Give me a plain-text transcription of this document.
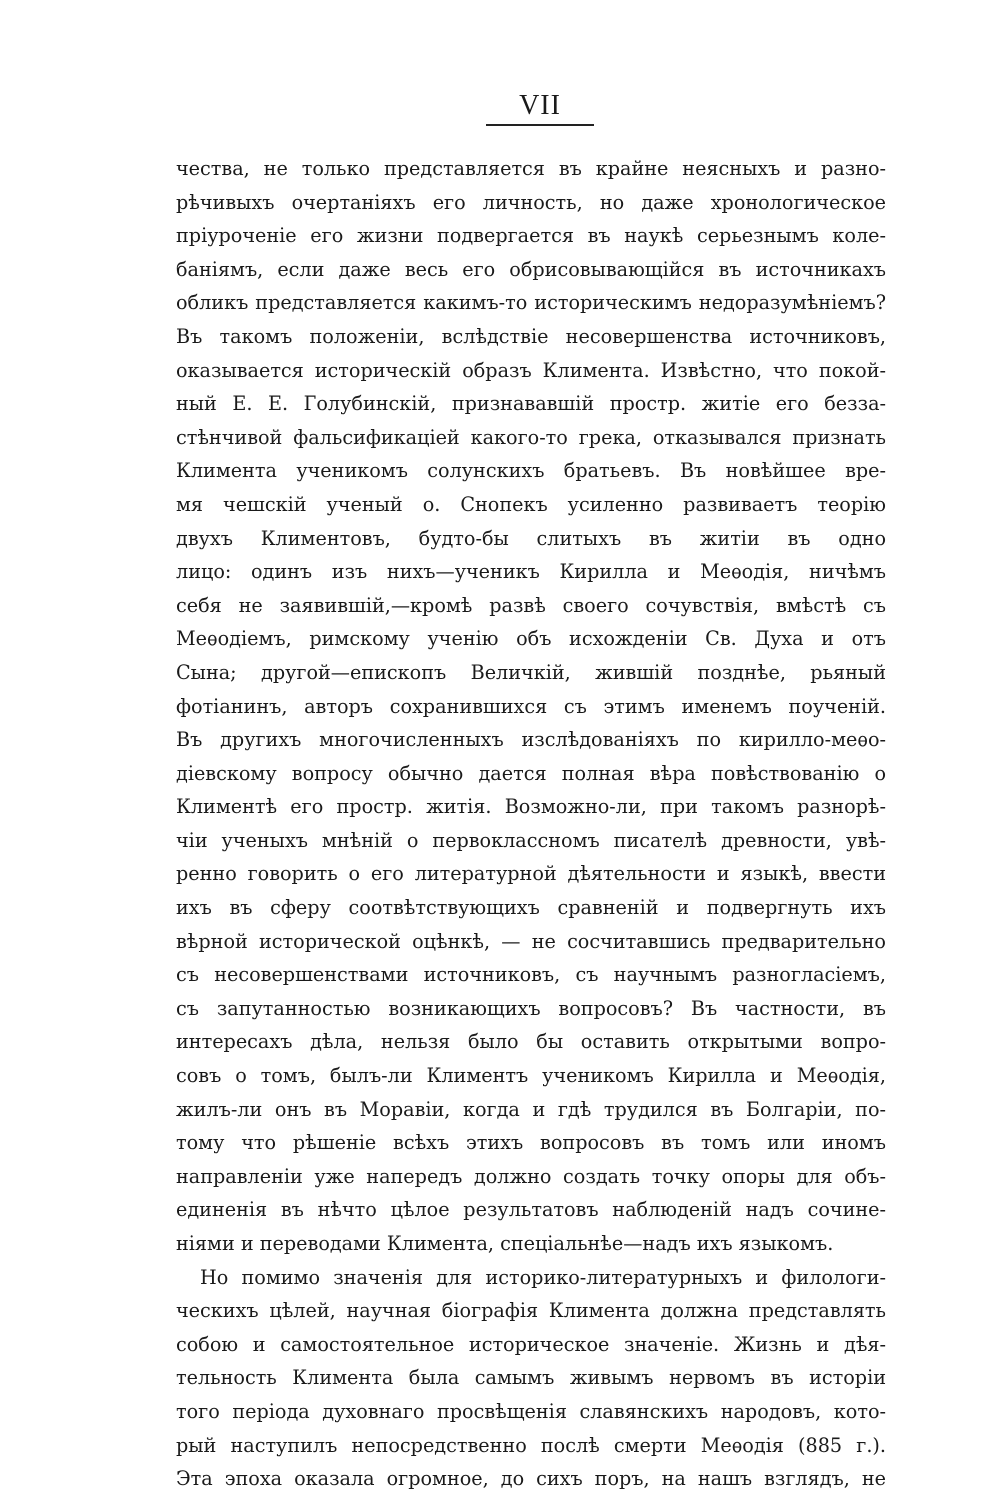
VII
чества, не только представляется въ крайне неясныхъ и разно-
рѣчивыхъ очертаніяхъ его личность, но даже хронологическое
пріуроченіе его жизни подвергается въ наукѣ серьезнымъ коле-
баніямъ, если даже весь его обрисовывающійся въ источникахъ
обликъ представляется какимъ-то историческимъ недоразумѣніемъ?
Въ такомъ положеніи, вслѣдствіе несовершенства источниковъ,
оказывается историческій образъ Климента. Извѣстно, что покой-
ный Е. Е. Голубинскій, признававшій простр. житіе его безза-
стѣнчивой фальсификаціей какого-то грека, отказывался признать
Климента ученикомъ солунскихъ братьевъ. Въ новѣйшее вре-
мя чешскій ученый о. Снопекъ усиленно развиваетъ теорію
двухъ Климентовъ, будто-бы слитыхъ въ житіи въ одно
лицо: одинъ изъ нихъ—ученикъ Кирилла и Меѳодія, ничѣмъ
себя не заявившій,—кромѣ развѣ своего сочувствія, вмѣстѣ съ
Меѳодіемъ, римскому ученію объ исхожденіи Св. Духа и отъ
Сына; другой—епископъ Величкій, жившій позднѣе, рьяный
фотіанинъ, авторъ сохранившихся съ этимъ именемъ поученій.
Въ другихъ многочисленныхъ изслѣдованіяхъ по кирилло-меѳо-
діевскому вопросу обычно дается полная вѣра повѣствованію о
Климентѣ его простр. житія. Возможно-ли, при такомъ разнорѣ-
чіи ученыхъ мнѣній о первоклассномъ писателѣ древности, увѣ-
ренно говорить о его литературной дѣятельности и языкѣ, ввести
ихъ въ сферу соотвѣтствующихъ сравненій и подвергнуть ихъ
вѣрной исторической оцѣнкѣ, — не сосчитавшись предварительно
съ несовершенствами источниковъ, съ научнымъ разногласіемъ,
съ запутанностью возникающихъ вопросовъ? Въ частности, въ
интересахъ дѣла, нельзя было бы оставить открытыми вопро-
совъ о томъ, былъ-ли Климентъ ученикомъ Кирилла и Меѳодія,
жилъ-ли онъ въ Моравіи, когда и гдѣ трудился въ Болгаріи, по-
тому что рѣшеніе всѣхъ этихъ вопросовъ въ томъ или иномъ
направленіи уже напередъ должно создать точку опоры для объ-
единенія въ нѣчто цѣлое результатовъ наблюденій надъ сочине-
ніями и переводами Климента, спеціальнѣе—надъ ихъ языкомъ.
Но помимо значенія для историко-литературныхъ и филологи-
ческихъ цѣлей, научная біографія Климента должна представлять
собою и самостоятельное историческое значеніе. Жизнь и дѣя-
тельность Климента была самымъ живымъ нервомъ въ исторіи
того періода духовнаго просвѣщенія славянскихъ народовъ, кото-
рый наступилъ непосредственно послѣ смерти Меѳодія (885 г.).
Эта эпоха оказала огромное, до сихъ поръ, на нашъ взглядъ, не
